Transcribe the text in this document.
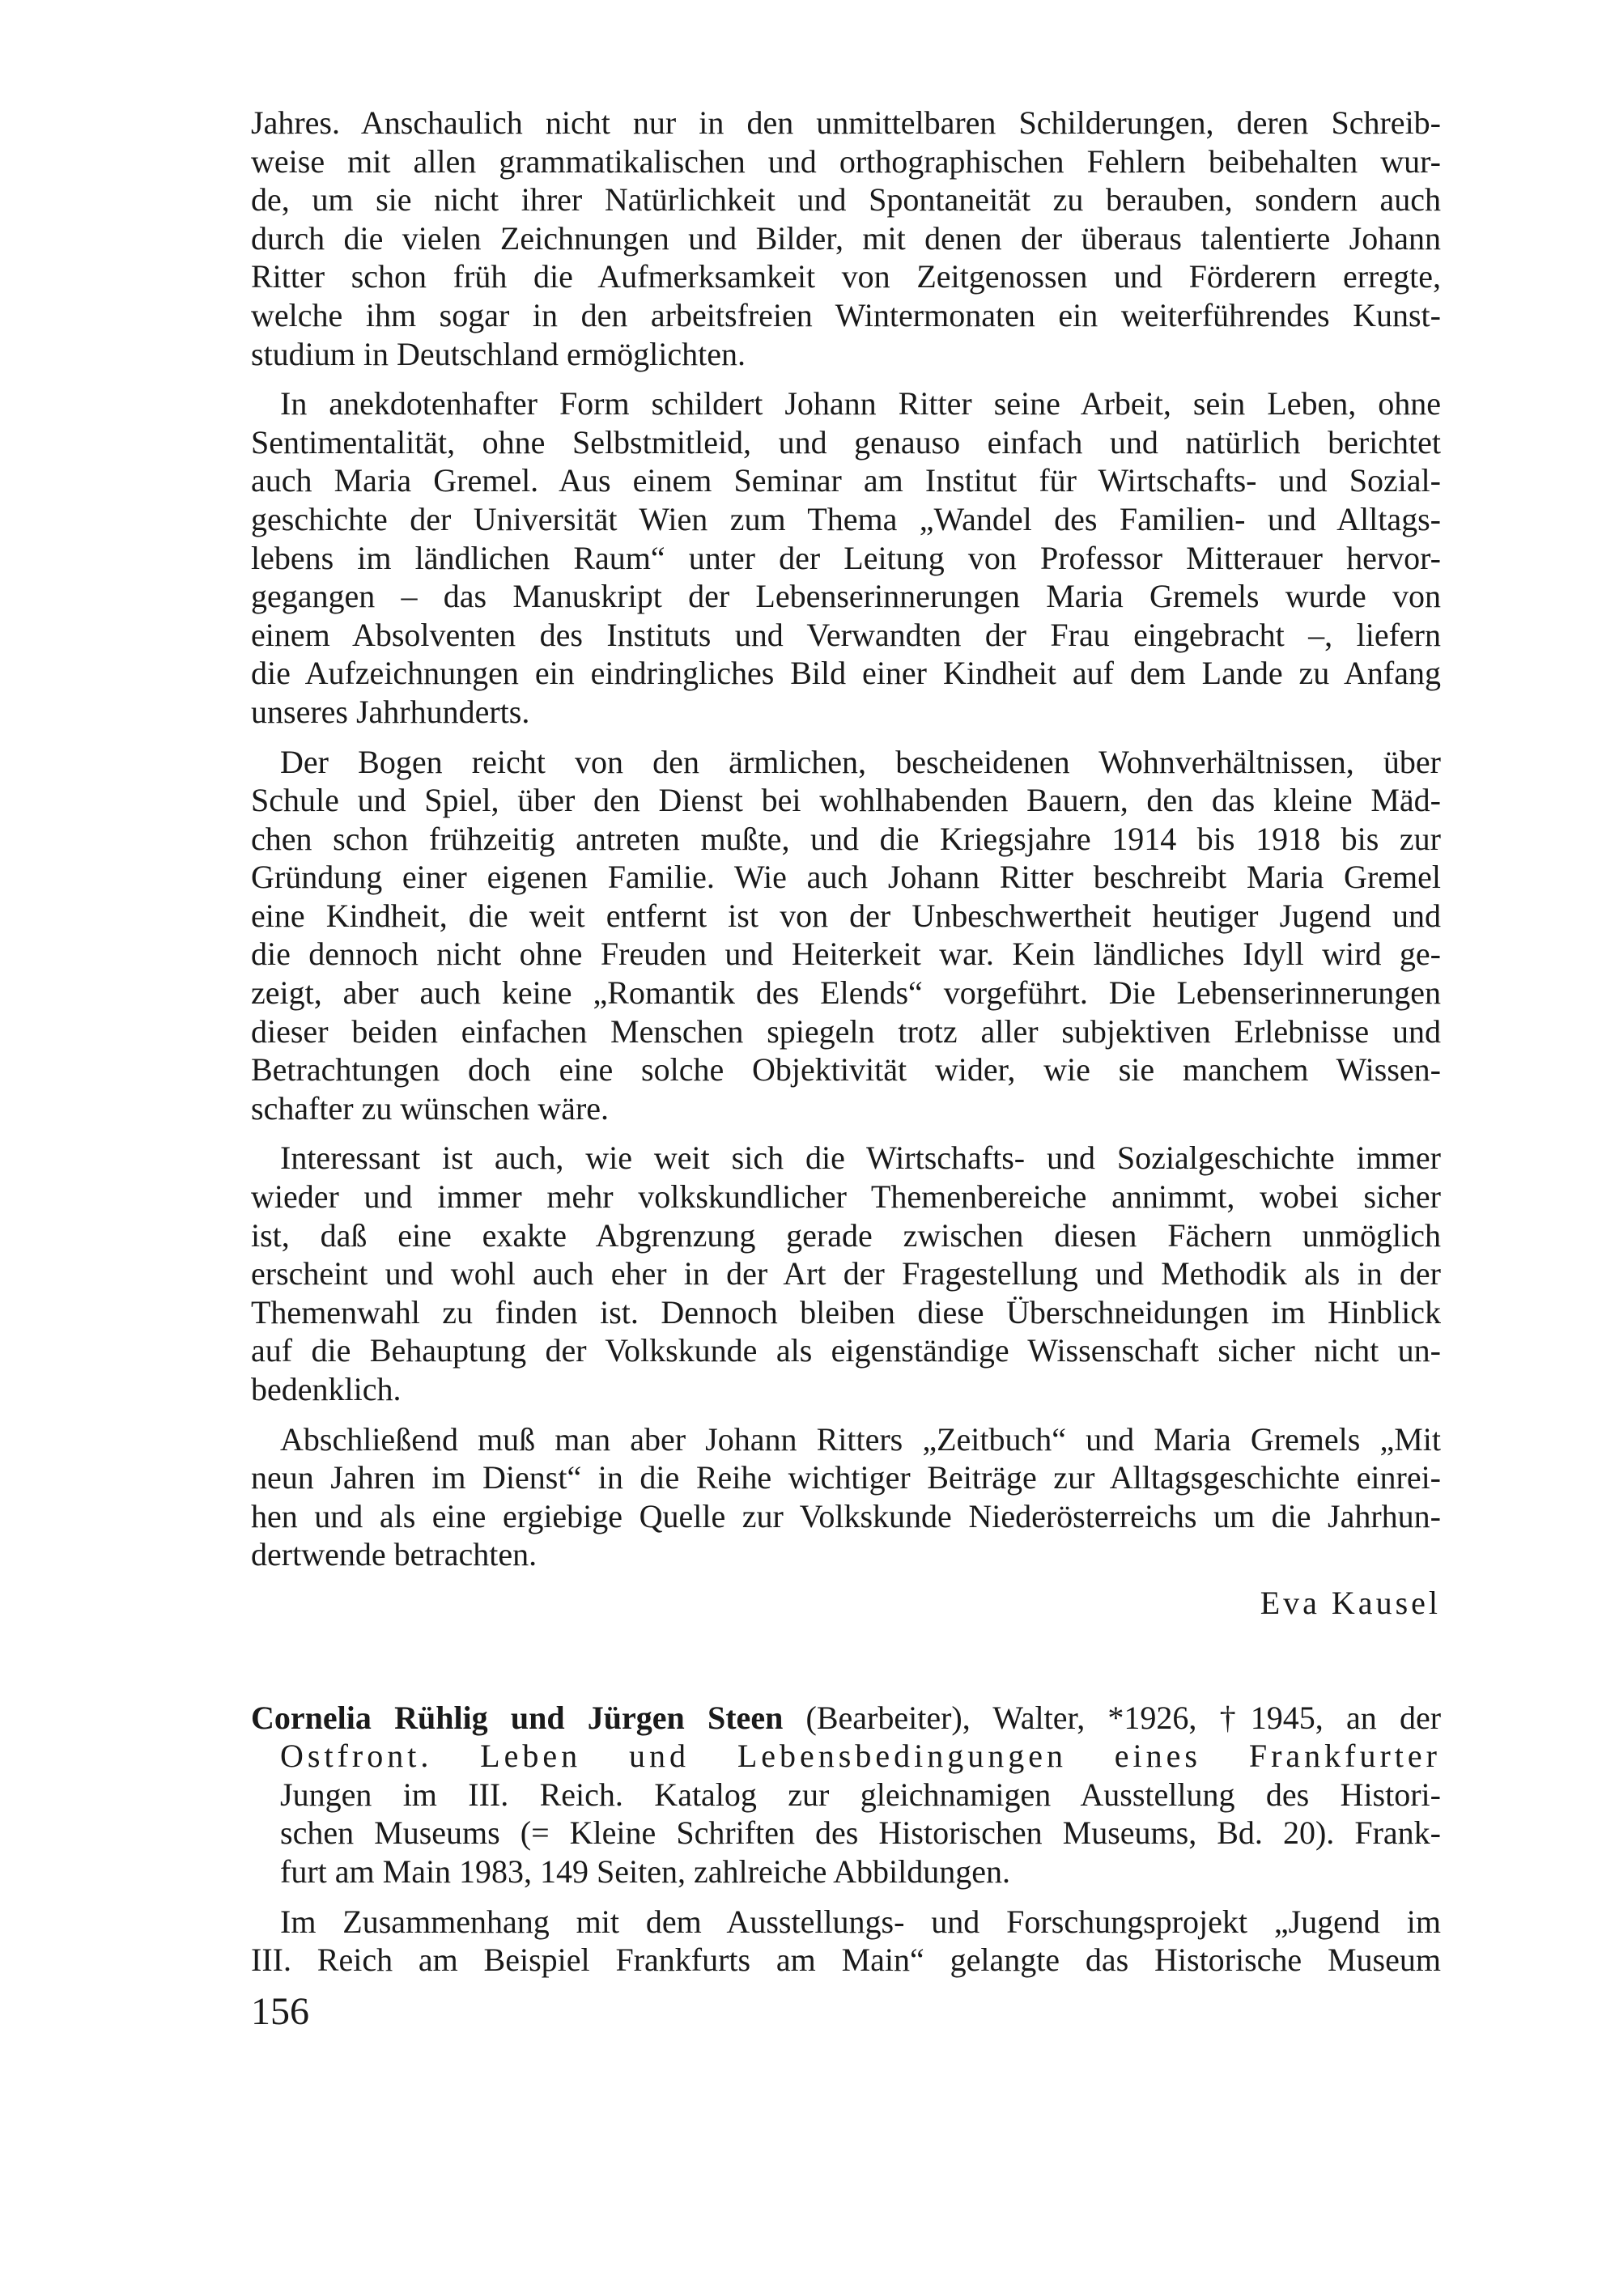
Jahres. Anschaulich nicht nur in den unmittelbaren Schilderungen, deren Schreib-
weise mit allen grammatikalischen und orthographischen Fehlern beibehalten wur-
de, um sie nicht ihrer Natürlichkeit und Spontaneität zu berauben, sondern auch
durch die vielen Zeichnungen und Bilder, mit denen der überaus talentierte Johann
Ritter schon früh die Aufmerksamkeit von Zeitgenossen und Förderern erregte,
welche ihm sogar in den arbeitsfreien Wintermonaten ein weiterführendes Kunst-
studium in Deutschland ermöglichten.
In anekdotenhafter Form schildert Johann Ritter seine Arbeit, sein Leben, ohne
Sentimentalität, ohne Selbstmitleid, und genauso einfach und natürlich berichtet
auch Maria Gremel. Aus einem Seminar am Institut für Wirtschafts- und Sozial-
geschichte der Universität Wien zum Thema „Wandel des Familien- und Alltags-
lebens im ländlichen Raum“ unter der Leitung von Professor Mitterauer hervor-
gegangen – das Manuskript der Lebenserinnerungen Maria Gremels wurde von
einem Absolventen des Instituts und Verwandten der Frau eingebracht –, liefern
die Aufzeichnungen ein eindringliches Bild einer Kindheit auf dem Lande zu Anfang
unseres Jahrhunderts.
Der Bogen reicht von den ärmlichen, bescheidenen Wohnverhältnissen, über
Schule und Spiel, über den Dienst bei wohlhabenden Bauern, den das kleine Mäd-
chen schon frühzeitig antreten mußte, und die Kriegsjahre 1914 bis 1918 bis zur
Gründung einer eigenen Familie. Wie auch Johann Ritter beschreibt Maria Gremel
eine Kindheit, die weit entfernt ist von der Unbeschwertheit heutiger Jugend und
die dennoch nicht ohne Freuden und Heiterkeit war. Kein ländliches Idyll wird ge-
zeigt, aber auch keine „Romantik des Elends“ vorgeführt. Die Lebenserinnerungen
dieser beiden einfachen Menschen spiegeln trotz aller subjektiven Erlebnisse und
Betrachtungen doch eine solche Objektivität wider, wie sie manchem Wissen-
schafter zu wünschen wäre.
Interessant ist auch, wie weit sich die Wirtschafts- und Sozialgeschichte immer
wieder und immer mehr volkskundlicher Themenbereiche annimmt, wobei sicher
ist, daß eine exakte Abgrenzung gerade zwischen diesen Fächern unmöglich
erscheint und wohl auch eher in der Art der Fragestellung und Methodik als in der
Themenwahl zu finden ist. Dennoch bleiben diese Überschneidungen im Hinblick
auf die Behauptung der Volkskunde als eigenständige Wissenschaft sicher nicht un-
bedenklich.
Abschließend muß man aber Johann Ritters „Zeitbuch“ und Maria Gremels „Mit
neun Jahren im Dienst“ in die Reihe wichtiger Beiträge zur Alltagsgeschichte einrei-
hen und als eine ergiebige Quelle zur Volkskunde Niederösterreichs um die Jahrhun-
dertwende betrachten.
Eva Kausel
Cornelia Rühlig und Jürgen Steen (Bearbeiter), Walter, *1926, †1945, an der
Ostfront. Leben und Lebensbedingungen eines Frankfurter
Jungen im III. Reich. Katalog zur gleichnamigen Ausstellung des Histori-
schen Museums (= Kleine Schriften des Historischen Museums, Bd. 20). Frank-
furt am Main 1983, 149 Seiten, zahlreiche Abbildungen.
Im Zusammenhang mit dem Ausstellungs- und Forschungsprojekt „Jugend im
III. Reich am Beispiel Frankfurts am Main“ gelangte das Historische Museum
156
